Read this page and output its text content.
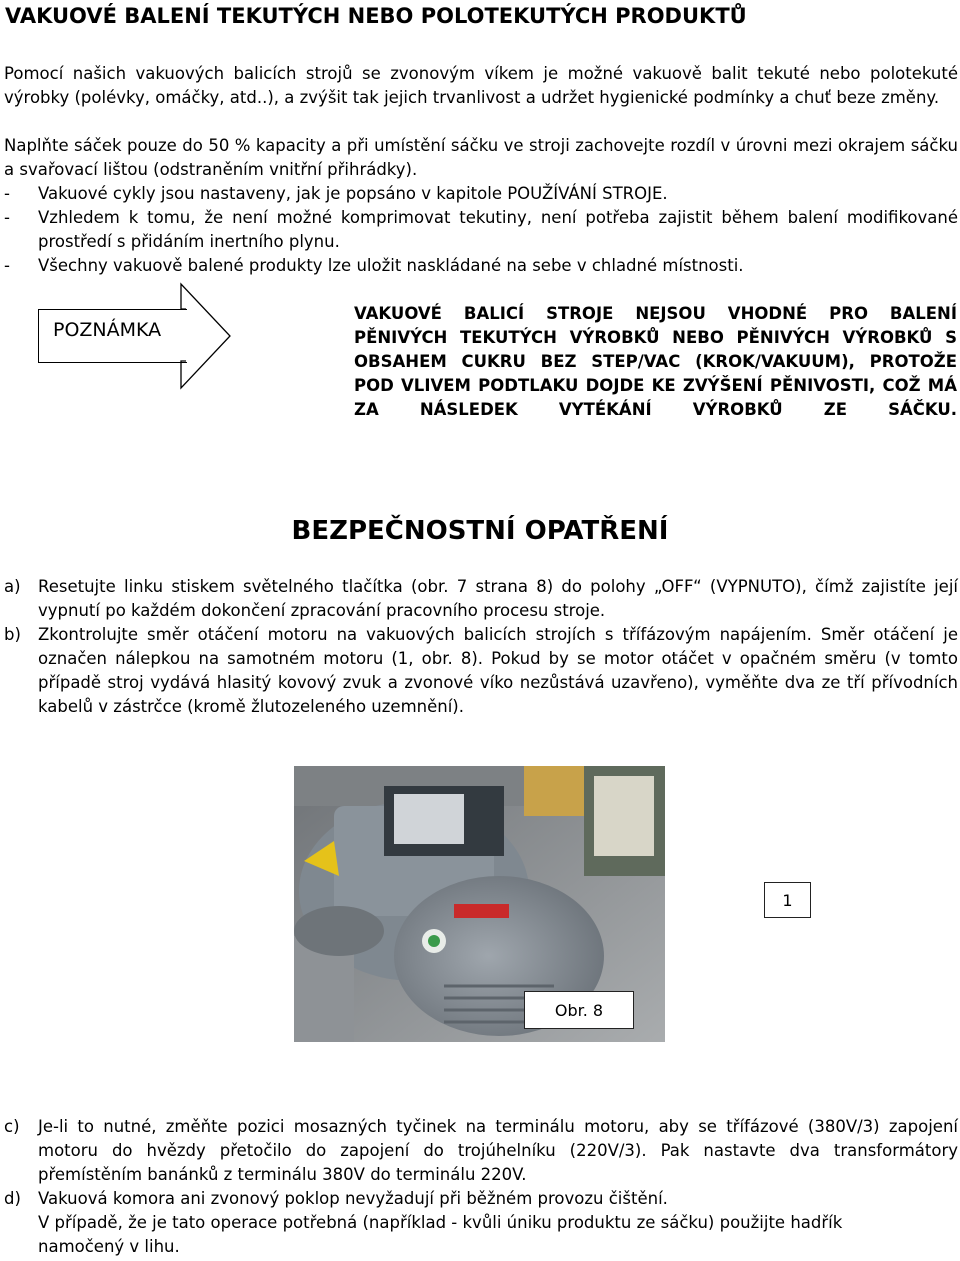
VAKUOVÉ BALENÍ TEKUTÝCH NEBO POLOTEKUTÝCH PRODUKTŮ
Pomocí našich vakuových balicích strojů se zvonovým víkem je možné vakuově balit tekuté nebo polotekuté výrobky (polévky, omáčky, atd..), a zvýšit tak jejich trvanlivost a udržet hygienické podmínky a chuť beze změny.
Naplňte sáček pouze do 50 % kapacity a při umístění sáčku ve stroji zachovejte rozdíl v úrovni mezi okrajem sáčku a svařovací lištou (odstraněním vnitřní přihrádky).
- Vakuové cykly jsou nastaveny, jak je popsáno v kapitole POUŽÍVÁNÍ STROJE.
- Vzhledem k tomu, že není možné komprimovat tekutiny, není potřeba zajistit během balení modifikované prostředí s přidáním inertního plynu.
- Všechny vakuově balené produkty lze uložit naskládané na sebe v chladné místnosti.
POZNÁMKA
VAKUOVÉ BALICÍ STROJE NEJSOU VHODNÉ PRO BALENÍ PĚNIVÝCH TEKUTÝCH VÝROBKŮ NEBO PĚNIVÝCH VÝROBKŮ S OBSAHEM CUKRU BEZ STEP/VAC (KROK/VAKUUM), PROTOŽE POD VLIVEM PODTLAKU DOJDE KE ZVÝŠENÍ PĚNIVOSTI, COŽ MÁ ZA NÁSLEDEK VYTÉKÁNÍ VÝROBKŮ ZE SÁČKU.
BEZPEČNOSTNÍ OPATŘENÍ
a) Resetujte linku stiskem světelného tlačítka (obr. 7 strana 8) do polohy „OFF“ (VYPNUTO), čímž zajistíte její vypnutí po každém dokončení zpracování pracovního procesu stroje.
b) Zkontrolujte směr otáčení motoru na vakuových balicích strojích s třífázovým napájením. Směr otáčení je označen nálepkou na samotném motoru (1, obr. 8). Pokud by se motor otáčet v opačném směru (v tomto případě stroj vydává hlasitý kovový zvuk a zvonové víko nezůstává uzavřeno), vyměňte dva ze tří přívodních kabelů v zástrčce (kromě žlutozeleného uzemnění).
1
Obr. 8
c) Je-li to nutné, změňte pozici mosazných tyčinek na terminálu motoru, aby se třífázové (380V/3) zapojení motoru do hvězdy přetočilo do zapojení do trojúhelníku (220V/3). Pak nastavte dva transformátory přemístěním banánků z terminálu 380V do terminálu 220V.
d) Vakuová komora ani zvonový poklop nevyžadují při běžném provozu čištění.
V případě, že je tato operace potřebná (například - kvůli úniku produktu ze sáčku) použijte hadřík namočený v lihu.
